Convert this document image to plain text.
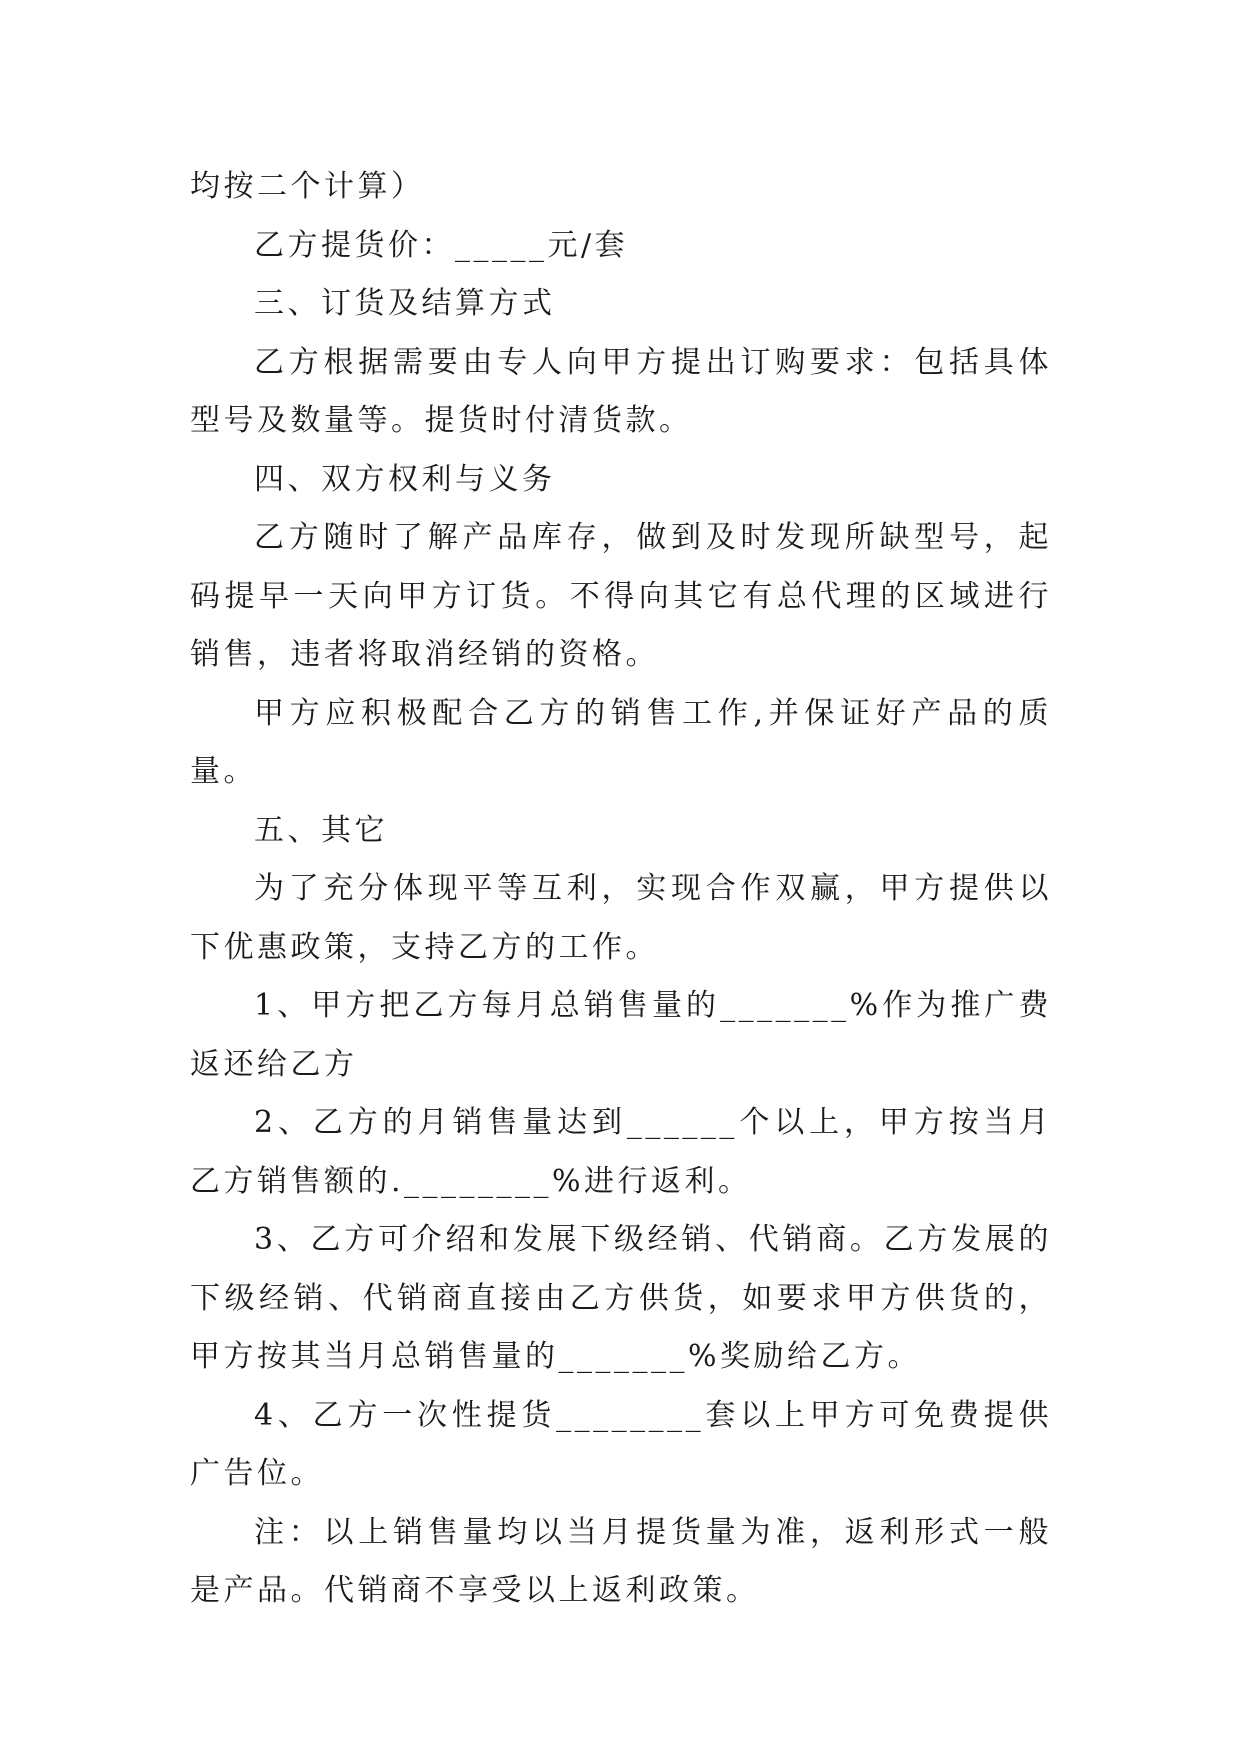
均按二个计算）

乙方提货价：_____元/套

三、订货及结算方式

乙方根据需要由专人向甲方提出订购要求：包括具体型号及数量等。提货时付清货款。

四、双方权利与义务

乙方随时了解产品库存，做到及时发现所缺型号，起码提早一天向甲方订货。不得向其它有总代理的区域进行销售，违者将取消经销的资格。

甲方应积极配合乙方的销售工作,并保证好产品的质量。

五、其它

为了充分体现平等互利，实现合作双赢，甲方提供以下优惠政策，支持乙方的工作。

1、甲方把乙方每月总销售量的_______%作为推广费返还给乙方

2、乙方的月销售量达到______个以上，甲方按当月乙方销售额的.________%进行返利。

3、乙方可介绍和发展下级经销、代销商。乙方发展的下级经销、代销商直接由乙方供货，如要求甲方供货的，甲方按其当月总销售量的_______%奖励给乙方。

4、乙方一次性提货________套以上甲方可免费提供广告位。

注：以上销售量均以当月提货量为准，返利形式一般是产品。代销商不享受以上返利政策。
